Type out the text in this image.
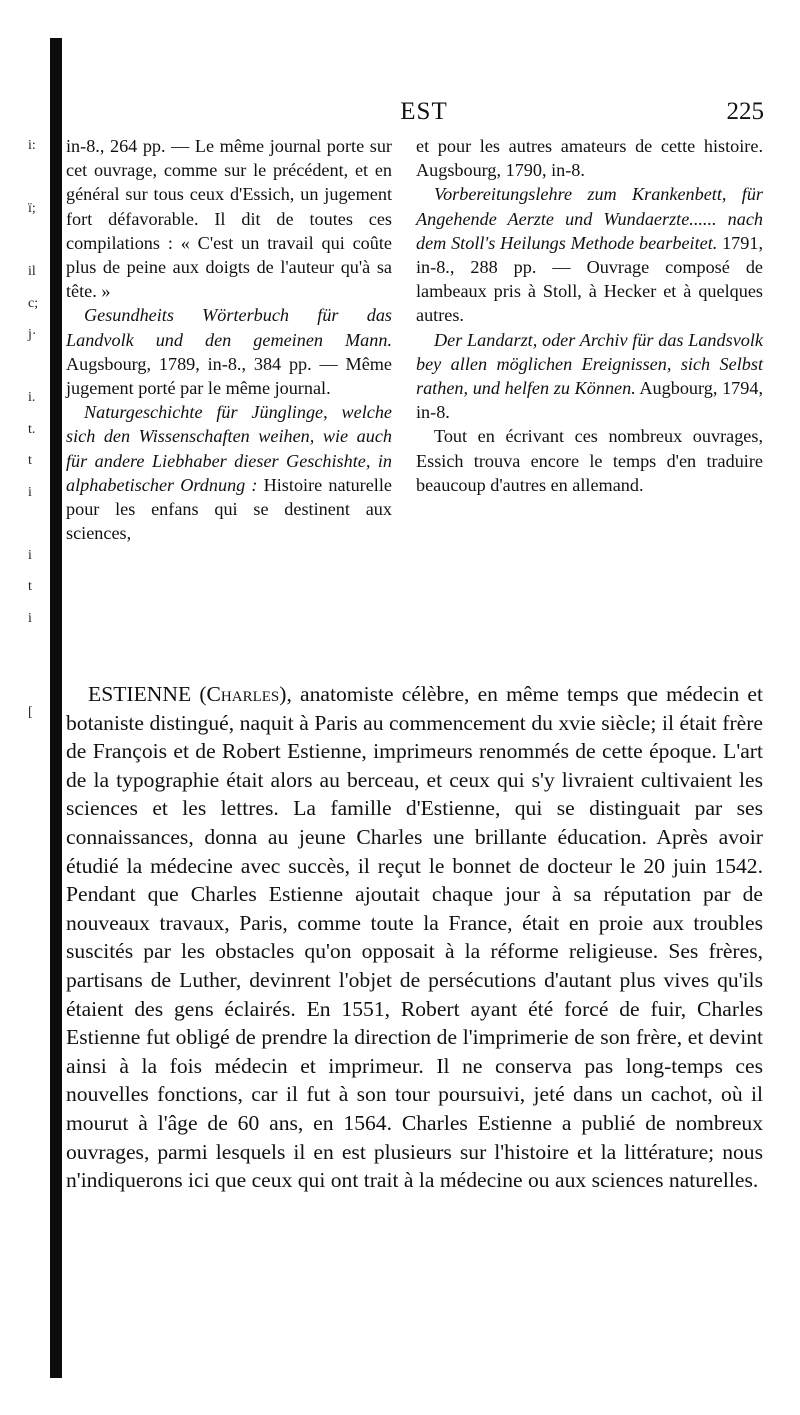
i:
ï;
il
c;
j·
i.
t.
t
i
i
t
i
[
EST	225

in-8., 264 pp. — Le même journal porte sur cet ouvrage, comme sur le précédent, et en général sur tous ceux d'Essich, un jugement fort défavorable. Il dit de toutes ces compilations : « C'est un travail qui coûte plus de peine aux doigts de l'auteur qu'à sa tête. »

Gesundheits Wörterbuch für das Landvolk und den gemeinen Mann. Augsbourg, 1789, in-8., 384 pp. — Même jugement porté par le même journal.

Naturgeschichte für Jünglinge, welche sich den Wissenschaften weihen, wie auch für andere Liebhaber dieser Geschishte, in alphabetischer Ordnung : Histoire naturelle pour les enfans qui se destinent aux sciences,

et pour les autres amateurs de cette histoire. Augsbourg, 1790, in-8.

Vorbereitungslehre zum Krankenbett, für Angehende Aerzte und Wundaerzte...... nach dem Stoll's Heilungs Methode bearbeitet. 1791, in-8., 288 pp. — Ouvrage composé de lambeaux pris à Stoll, à Hecker et à quelques autres.

Der Landarzt, oder Archiv für das Landsvolk bey allen möglichen Ereignissen, sich Selbst rathen, und helfen zu Können. Augbourg, 1794, in-8.

Tout en écrivant ces nombreux ouvrages, Essich trouva encore le temps d'en traduire beaucoup d'autres en allemand.

ESTIENNE (Charles), anatomiste célèbre, en même temps que médecin et botaniste distingué, naquit à Paris au commencement du xvie siècle; il était frère de François et de Robert Estienne, imprimeurs renommés de cette époque. L'art de la typographie était alors au berceau, et ceux qui s'y livraient cultivaient les sciences et les lettres. La famille d'Estienne, qui se distinguait par ses connaissances, donna au jeune Charles une brillante éducation. Après avoir étudié la médecine avec succès, il reçut le bonnet de docteur le 20 juin 1542. Pendant que Charles Estienne ajoutait chaque jour à sa réputation par de nouveaux travaux, Paris, comme toute la France, était en proie aux troubles suscités par les obstacles qu'on opposait à la réforme religieuse. Ses frères, partisans de Luther, devinrent l'objet de persécutions d'autant plus vives qu'ils étaient des gens éclairés. En 1551, Robert ayant été forcé de fuir, Charles Estienne fut obligé de prendre la direction de l'imprimerie de son frère, et devint ainsi à la fois médecin et imprimeur. Il ne conserva pas long-temps ces nouvelles fonctions, car il fut à son tour poursuivi, jeté dans un cachot, où il mourut à l'âge de 60 ans, en 1564. Charles Estienne a publié de nombreux ouvrages, parmi lesquels il en est plusieurs sur l'histoire et la littérature; nous n'indiquerons ici que ceux qui ont trait à la médecine ou aux sciences naturelles.
